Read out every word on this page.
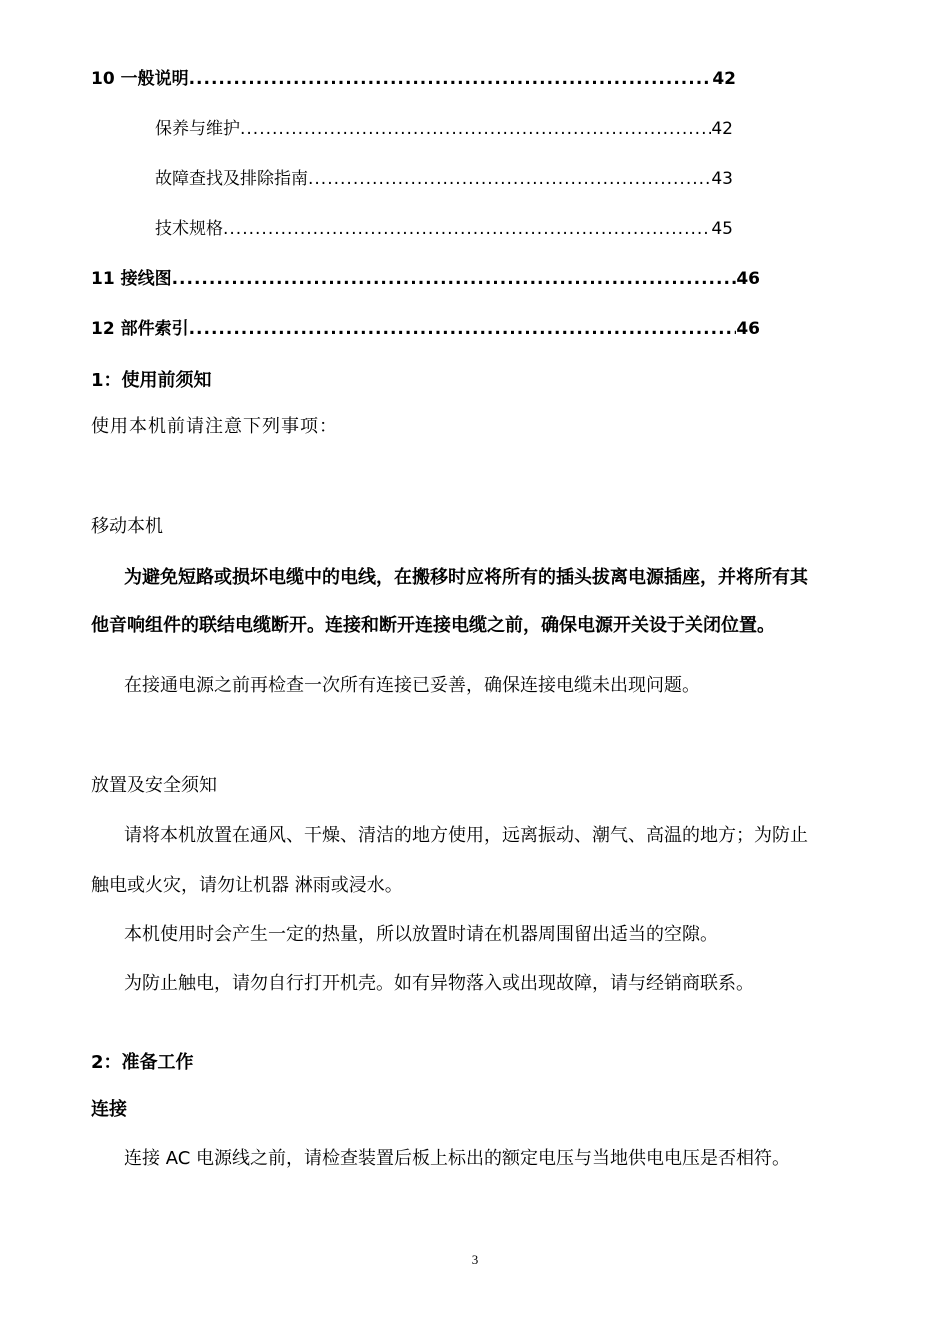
10 一般说明 .....	42
保养与维护 .....	42
故障查找及排除指南 .....	43
技术规格 .....	45
11 接线图 .....	46
12 部件索引 .....	46
1：使用前须知
使用本机前请注意下列事项：
移动本机
为避免短路或损坏电缆中的电线，在搬移时应将所有的插头拔离电源插座，并将所有其
他音响组件的联结电缆断开。连接和断开连接电缆之前，确保电源开关设于关闭位置。
在接通电源之前再检查一次所有连接已妥善，确保连接电缆未出现问题。
放置及安全须知
请将本机放置在通风、干燥、清洁的地方使用，远离振动、潮气、高温的地方；为防止
触电或火灾，请勿让机器 淋雨或浸水。
本机使用时会产生一定的热量，所以放置时请在机器周围留出适当的空隙。
为防止触电，请勿自行打开机壳。如有异物落入或出现故障，请与经销商联系。
2：准备工作
连接
连接 AC 电源线之前，请检查装置后板上标出的额定电压与当地供电电压是否相符。
3
